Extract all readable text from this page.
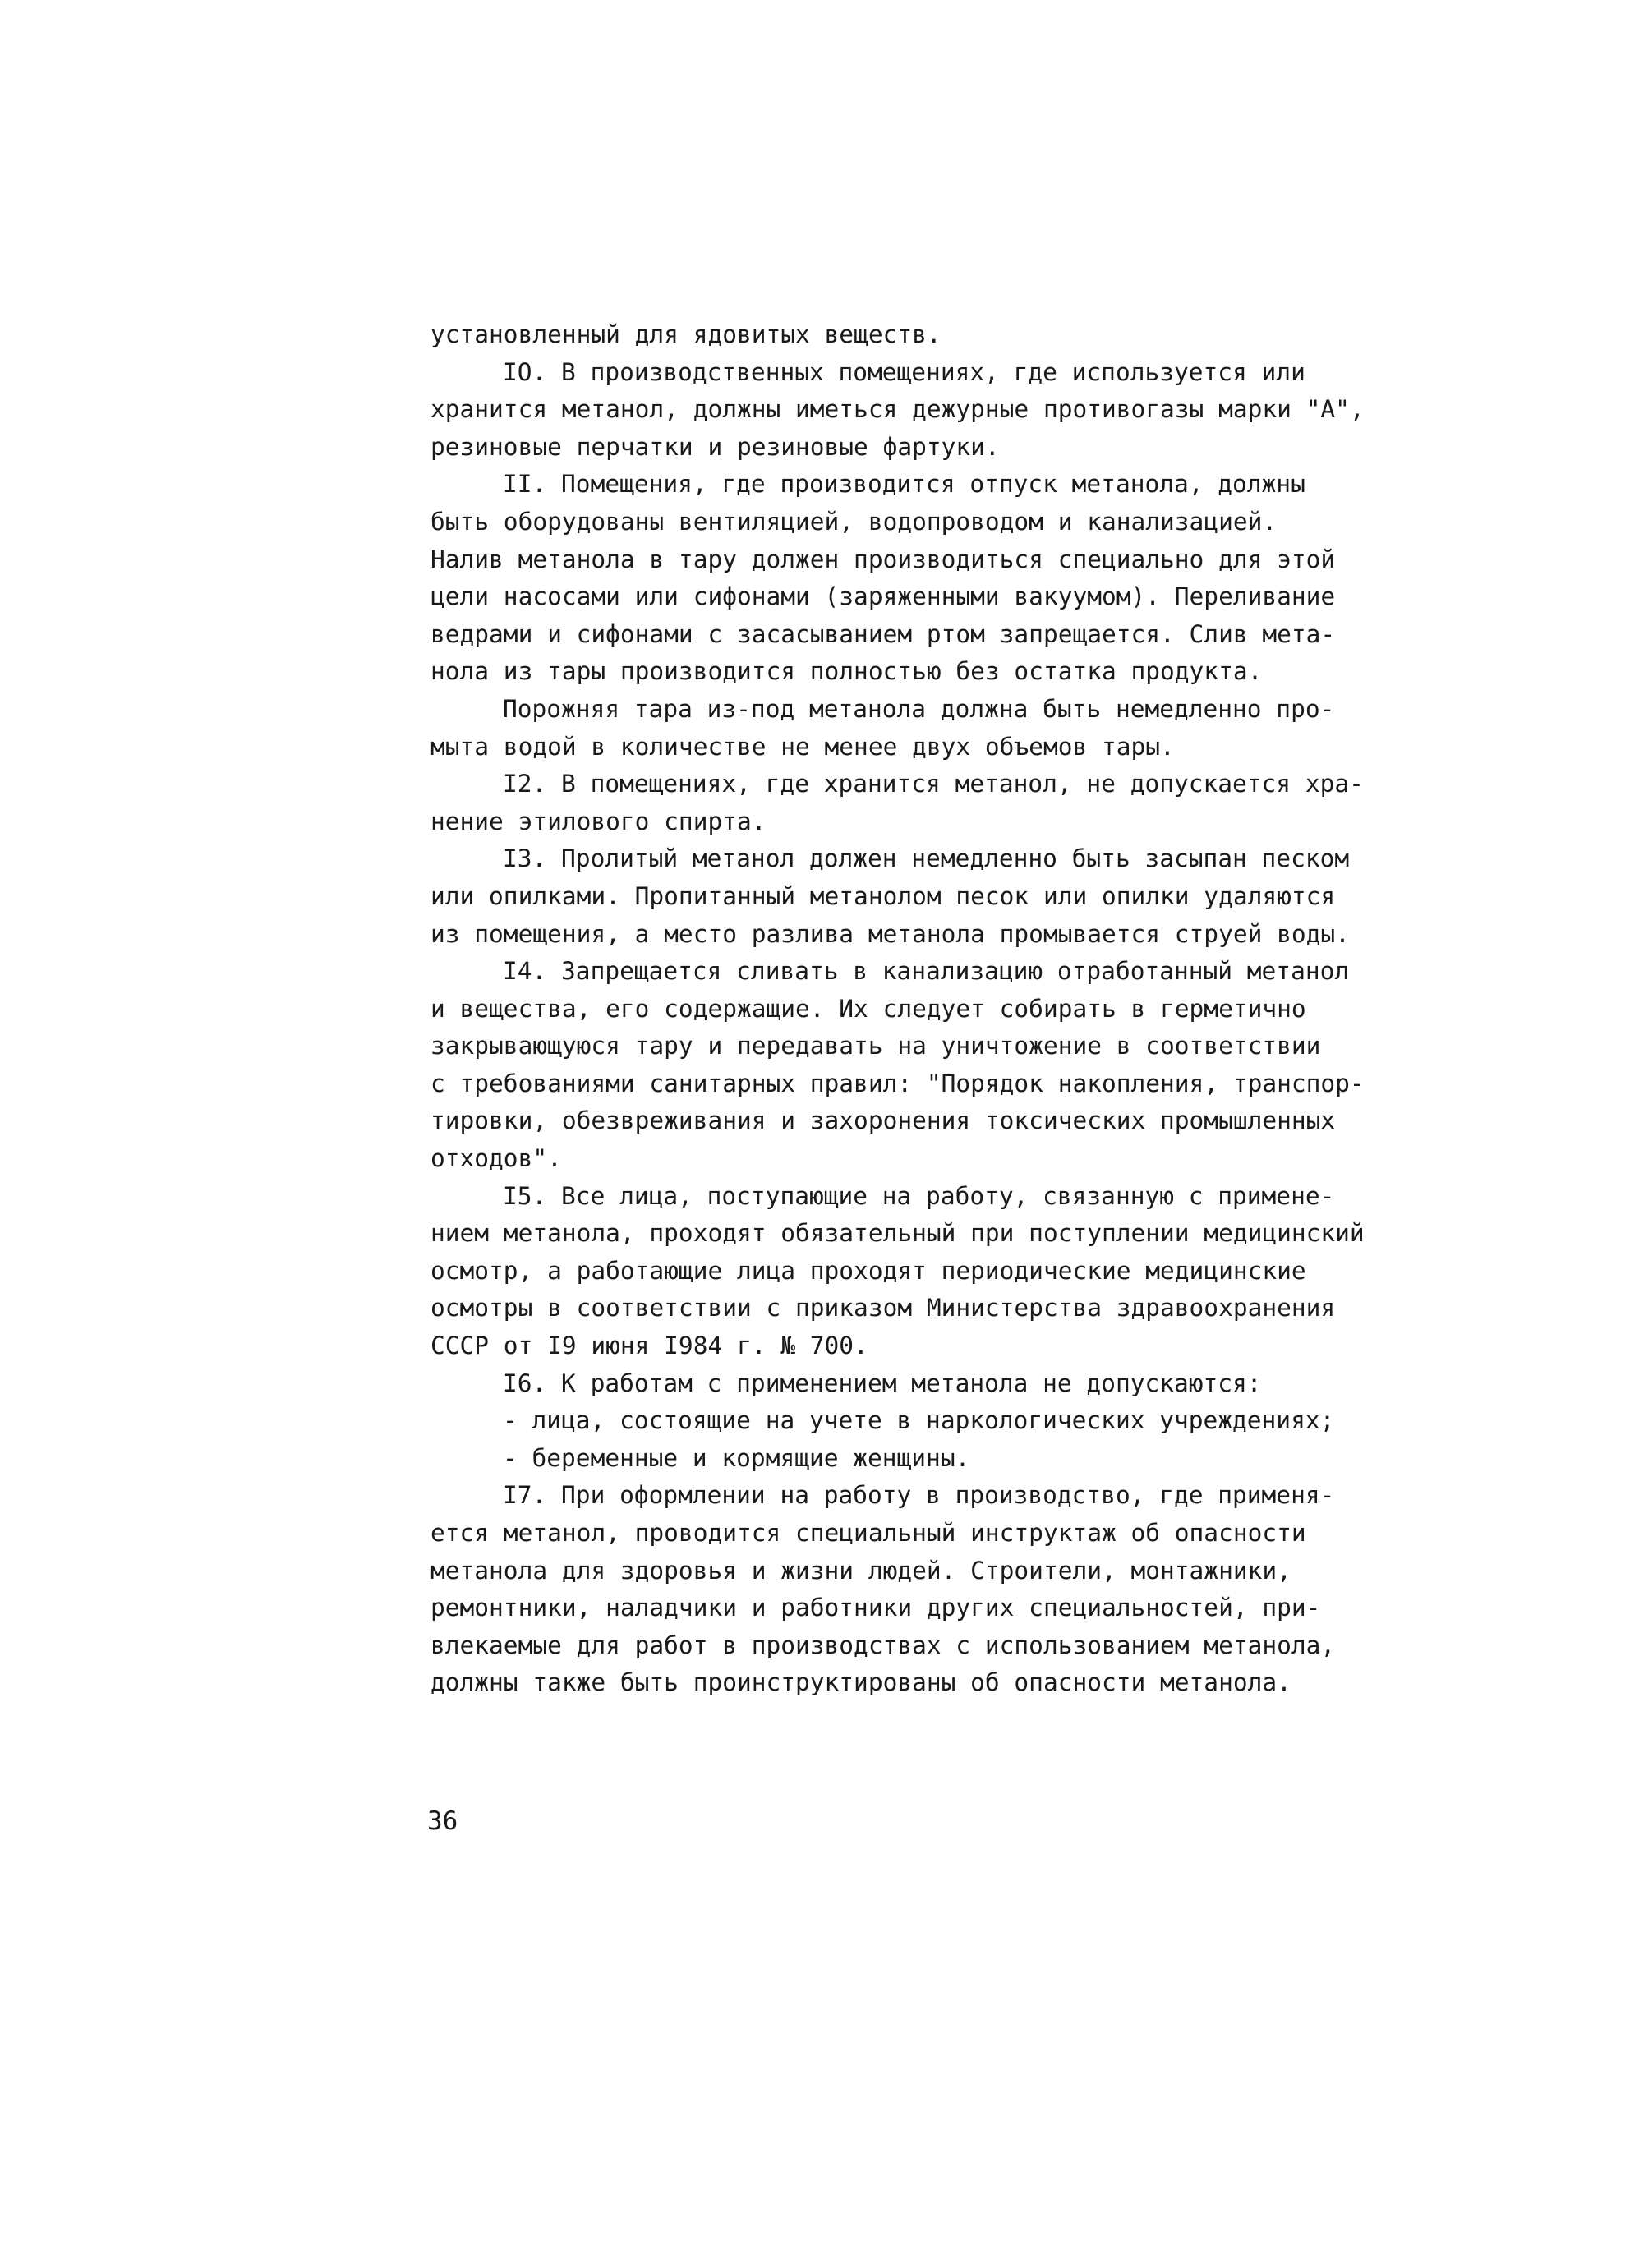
установленный для ядовитых веществ.
IO. В производственных помещениях, где используется или
хранится метанол, должны иметься дежурные противогазы марки "А",
резиновые перчатки и резиновые фартуки.
II. Помещения, где производится отпуск метанола, должны
быть оборудованы вентиляцией, водопроводом и канализацией.
Налив метанола в тару должен производиться специально для этой
цели насосами или сифонами (заряженными вакуумом). Переливание
ведрами и сифонами с засасыванием ртом запрещается. Слив мета-
нола из тары производится полностью без остатка продукта.
Порожняя тара из-под метанола должна быть немедленно про-
мыта водой в количестве не менее двух объемов тары.
I2. В помещениях, где хранится метанол, не допускается хра-
нение этилового спирта.
I3. Пролитый метанол должен немедленно быть засыпан песком
или опилками. Пропитанный метанолом песок или опилки удаляются
из помещения, а место разлива метанола промывается струей воды.
I4. Запрещается сливать в канализацию отработанный метанол
и вещества, его содержащие. Их следует собирать в герметично
закрывающуюся тару и передавать на уничтожение в соответствии
с требованиями санитарных правил: "Порядок накопления, транспор-
тировки, обезвреживания и захоронения токсических промышленных
отходов".
I5. Все лица, поступающие на работу, связанную с примене-
нием метанола, проходят обязательный при поступлении медицинский
осмотр, а работающие лица проходят периодические медицинские
осмотры в соответствии с приказом Министерства здравоохранения
СССР от I9 июня I984 г. № 700.
I6. К работам с применением метанола не допускаются:
- лица, состоящие на учете в наркологических учреждениях;
- беременные и кормящие женщины.
I7. При оформлении на работу в производство, где применя-
ется метанол, проводится специальный инструктаж об опасности
метанола для здоровья и жизни людей. Строители, монтажники,
ремонтники, наладчики и работники других специальностей, при-
влекаемые для работ в производствах с использованием метанола,
должны также быть проинструктированы об опасности метанола.
36
